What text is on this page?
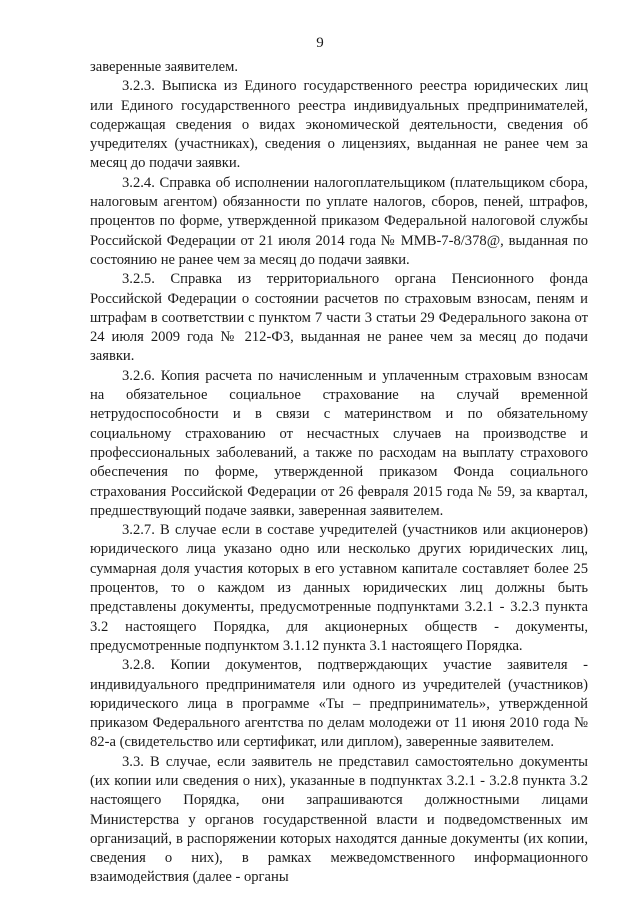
9

заверенные заявителем.

3.2.3. Выписка из Единого государственного реестра юридических лиц или Единого государственного реестра индивидуальных предпринимателей, содержащая сведения о видах экономической деятельности, сведения об учредителях (участниках), сведения о лицензиях, выданная не ранее чем за месяц до подачи заявки.

3.2.4. Справка об исполнении налогоплательщиком (плательщиком сбора, налоговым агентом) обязанности по уплате налогов, сборов, пеней, штрафов, процентов по форме, утвержденной приказом Федеральной налоговой службы Российской Федерации от 21 июля 2014 года № ММВ-7-8/378@, выданная по состоянию не ранее чем за месяц до подачи заявки.

3.2.5. Справка из территориального органа Пенсионного фонда Российской Федерации о состоянии расчетов по страховым взносам, пеням и штрафам в соответствии с пунктом 7 части 3 статьи 29 Федерального закона от 24 июля 2009 года № 212-ФЗ, выданная не ранее чем за месяц до подачи заявки.

3.2.6. Копия расчета по начисленным и уплаченным страховым взносам на обязательное социальное страхование на случай временной нетрудоспособности и в связи с материнством и по обязательному социальному страхованию от несчастных случаев на производстве и профессиональных заболеваний, а также по расходам на выплату страхового обеспечения по форме, утвержденной приказом Фонда социального страхования Российской Федерации от 26 февраля 2015 года № 59, за квартал, предшествующий подаче заявки, заверенная заявителем.

3.2.7. В случае если в составе учредителей (участников или акционеров) юридического лица указано одно или несколько других юридических лиц, суммарная доля участия которых в его уставном капитале составляет более 25 процентов, то о каждом из данных юридических лиц должны быть представлены документы, предусмотренные подпунктами 3.2.1 - 3.2.3 пункта 3.2 настоящего Порядка, для акционерных обществ - документы, предусмотренные подпунктом 3.1.12 пункта 3.1 настоящего Порядка.

3.2.8. Копии документов, подтверждающих участие заявителя - индивидуального предпринимателя или одного из учредителей (участников) юридического лица в программе «Ты – предприниматель», утвержденной приказом Федерального агентства по делам молодежи от 11 июня 2010 года № 82-а (свидетельство или сертификат, или диплом), заверенные заявителем.

3.3. В случае, если заявитель не представил самостоятельно документы (их копии или сведения о них), указанные в подпунктах 3.2.1 - 3.2.8 пункта 3.2 настоящего Порядка, они запрашиваются должностными лицами Министерства у органов государственной власти и подведомственных им организаций, в распоряжении которых находятся данные документы (их копии, сведения о них), в рамках межведомственного информационного взаимодействия (далее - органы
